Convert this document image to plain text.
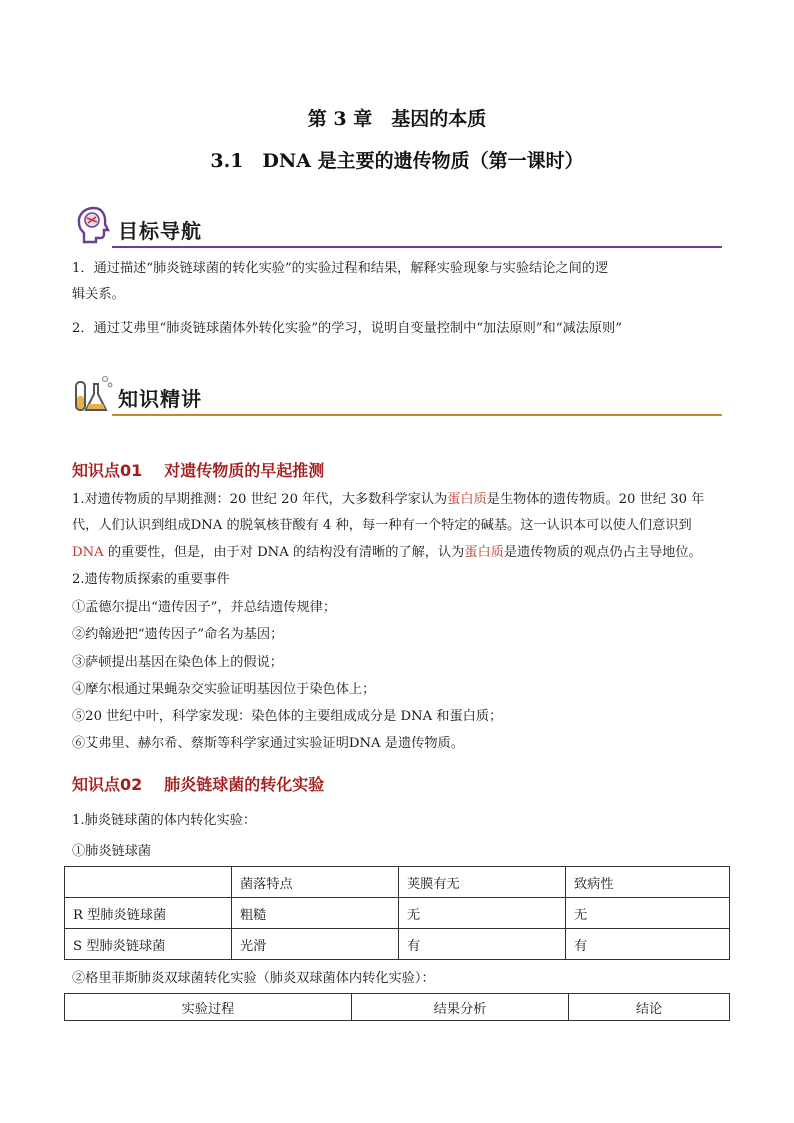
第 3 章　基因的本质
3.1　DNA 是主要的遗传物质（第一课时）
目标导航
1．通过描述“肺炎链球菌的转化实验”的实验过程和结果，解释实验现象与实验结论之间的逻
辑关系。
2．通过艾弗里“肺炎链球菌体外转化实验”的学习，说明自变量控制中“加法原则”和“减法原则”
知识精讲
知识点01 对遗传物质的早起推测
1.对遗传物质的早期推测：20 世纪 20 年代，大多数科学家认为蛋白质是生物体的遗传物质。20 世纪 30 年
代，人们认识到组成DNA 的脱氧核苷酸有 4 种，每一种有一个特定的碱基。这一认识本可以使人们意识到
DNA 的重要性，但是，由于对 DNA 的结构没有清晰的了解，认为蛋白质是遗传物质的观点仍占主导地位。
2.遗传物质探索的重要事件
①孟德尔提出“遗传因子”，并总结遗传规律；
②约翰逊把“遗传因子”命名为基因；
③萨顿提出基因在染色体上的假说；
④摩尔根通过果蝇杂交实验证明基因位于染色体上；
⑤20 世纪中叶，科学家发现：染色体的主要组成成分是 DNA 和蛋白质；
⑥艾弗里、赫尔希、蔡斯等科学家通过实验证明DNA 是遗传物质。
知识点02 肺炎链球菌的转化实验
1.肺炎链球菌的体内转化实验：
①肺炎链球菌
	菌落特点	荚膜有无	致病性
R 型肺炎链球菌	粗糙	无	无
S 型肺炎链球菌	光滑	有	有
②格里菲斯肺炎双球菌转化实验（肺炎双球菌体内转化实验）：
实验过程	结果分析	结论
